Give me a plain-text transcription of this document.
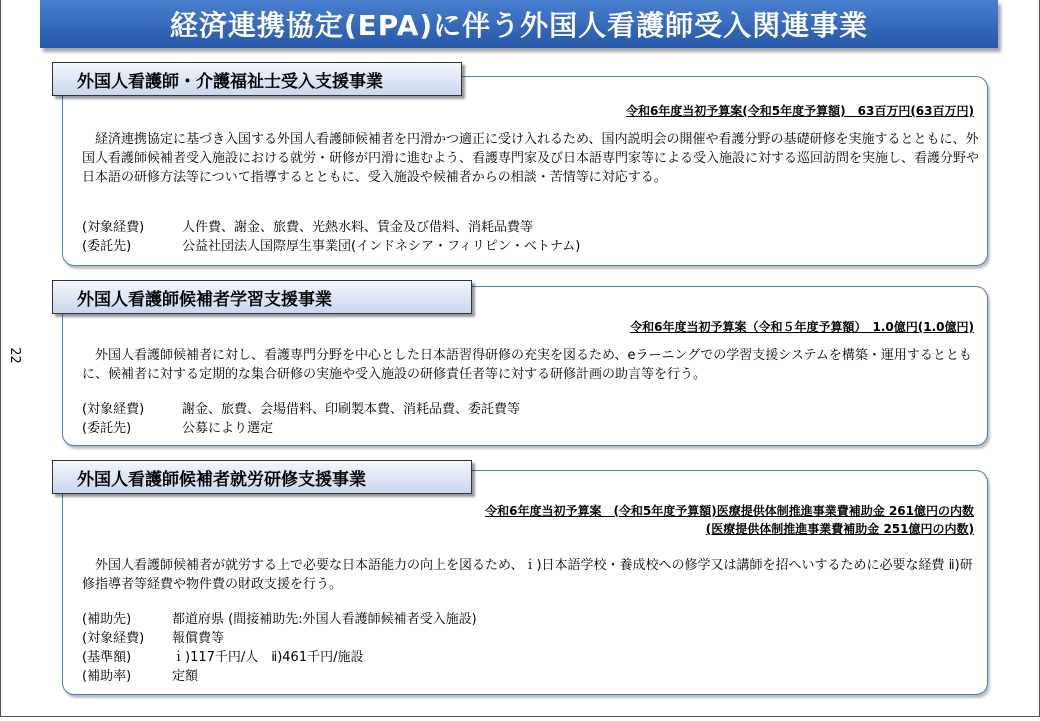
22
経済連携協定(EPA)に伴う外国人看護師受入関連事業
外国人看護師・介護福祉士受入支援事業
令和6年度当初予算案(令和5年度予算額)　63百万円(63百万円)

　経済連携協定に基づき入国する外国人看護師候補者を円滑かつ適正に受け入れるため、国内説明会の開催や看護分野の基礎研修を実施するとともに、外国人看護師候補者受入施設における就労・研修が円滑に進むよう、看護専門家及び日本語専門家等による受入施設に対する巡回訪問を実施し、看護分野や日本語の研修方法等について指導するとともに、受入施設や候補者からの相談・苦情等に対応する。

(対象経費)	人件費、謝金、旅費、光熱水料、賃金及び借料、消耗品費等
(委託先)	公益社団法人国際厚生事業団(インドネシア・フィリピン・ベトナム)
外国人看護師候補者学習支援事業
令和6年度当初予算案（令和５年度予算額）　1.0億円(1.0億円)

　外国人看護師候補者に対し、看護専門分野を中心とした日本語習得研修の充実を図るため、eラーニングでの学習支援システムを構築・運用するとともに、候補者に対する定期的な集合研修の実施や受入施設の研修責任者等に対する研修計画の助言等を行う。

(対象経費)	謝金、旅費、会場借料、印刷製本費、消耗品費、委託費等
(委託先)	公募により選定
外国人看護師候補者就労研修支援事業
令和6年度当初予算案　(令和5年度予算額)医療提供体制推進事業費補助金 261億円の内数
(医療提供体制推進事業費補助金 251億円の内数)

　外国人看護師候補者が就労する上で必要な日本語能力の向上を図るため、ｉ)日本語学校・養成校への修学又は講師を招へいするために必要な経費 ⅱ)研修指導者等経費や物件費の財政支援を行う。

(補助先)	都道府県 (間接補助先:外国人看護師候補者受入施設)
(対象経費)	報償費等
(基準額)	ｉ)117千円/人　ⅱ)461千円/施設
(補助率)	定額
